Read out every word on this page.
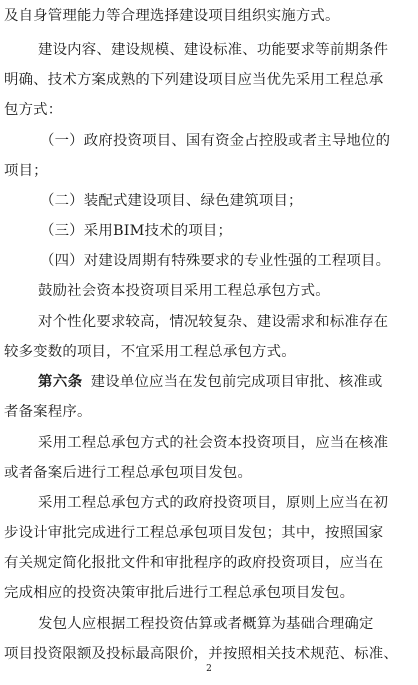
及自身管理能力等合理选择建设项目组织实施方式。
建设内容、建设规模、建设标准、功能要求等前期条件
明确、技术方案成熟的下列建设项目应当优先采用工程总承
包方式：
（一）政府投资项目、国有资金占控股或者主导地位的
项目；
（二）装配式建设项目、绿色建筑项目；
（三）采用BIM技术的项目；
（四）对建设周期有特殊要求的专业性强的工程项目。
鼓励社会资本投资项目采用工程总承包方式。
对个性化要求较高，情况较复杂、建设需求和标准存在
较多变数的项目，不宜采用工程总承包方式。
第六条 建设单位应当在发包前完成项目审批、核准或
者备案程序。
采用工程总承包方式的社会资本投资项目，应当在核准
或者备案后进行工程总承包项目发包。
采用工程总承包方式的政府投资项目，原则上应当在初
步设计审批完成进行工程总承包项目发包；其中，按照国家
有关规定简化报批文件和审批程序的政府投资项目，应当在
完成相应的投资决策审批后进行工程总承包项目发包。
发包人应根据工程投资估算或者概算为基础合理确定
项目投资限额及投标最高限价，并按照相关技术规范、标准、
2
